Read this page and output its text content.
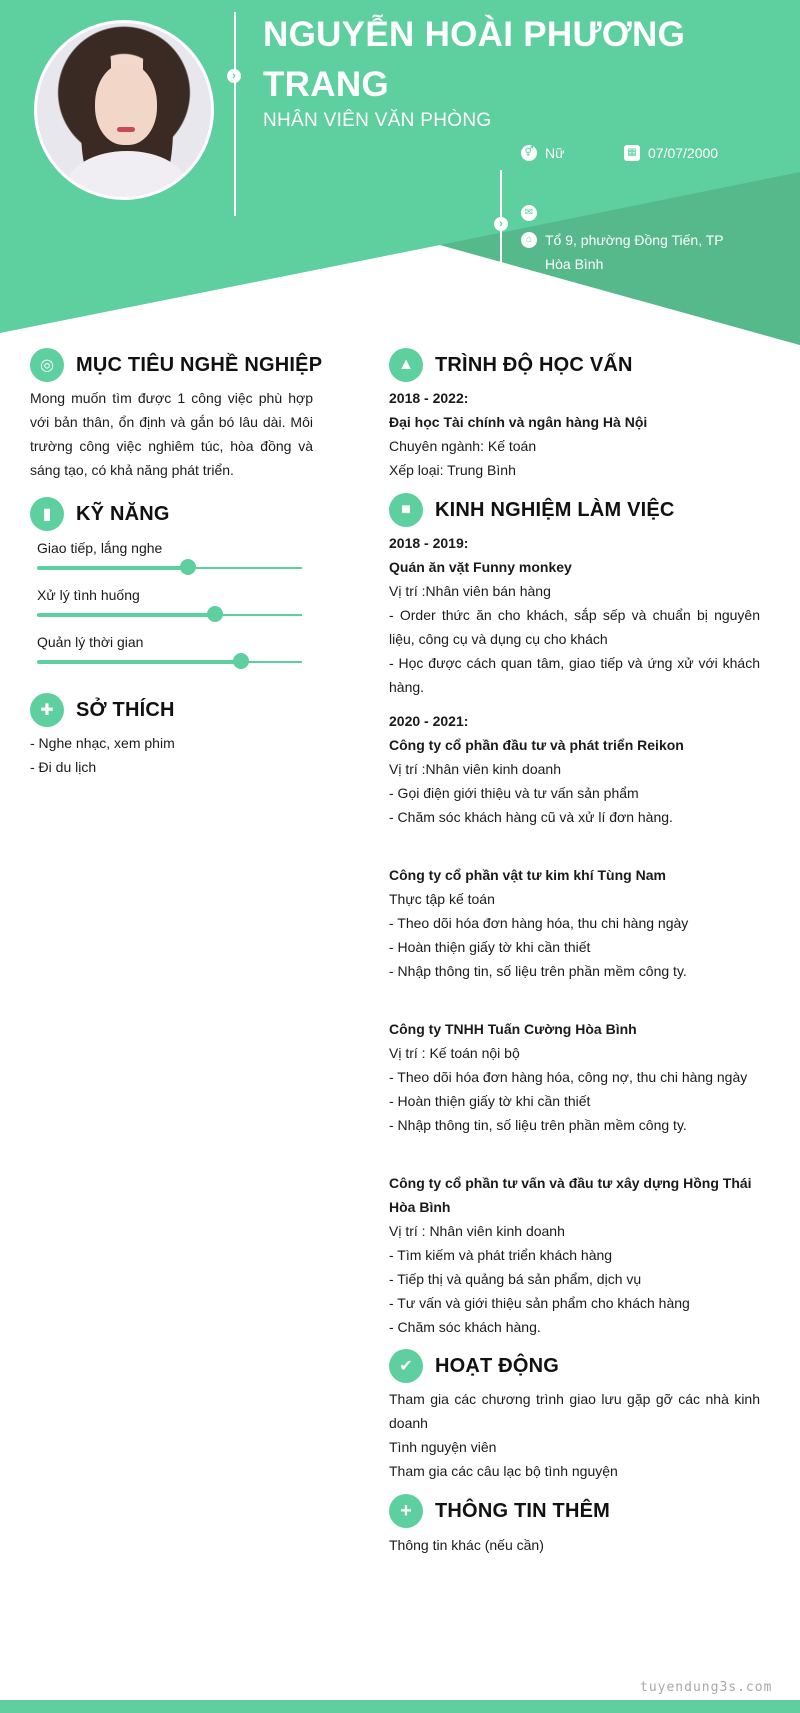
›
NGUYỄN HOÀI PHƯƠNG TRANG
NHÂN VIÊN VĂN PHÒNG
⚥ Nữ	▦ 07/07/2000
›
✉
⌂ Tổ 9, phường Đồng Tiến, TP Hòa Bình
◎	MỤC TIÊU NGHỀ NGHIỆP
Mong muốn tìm được 1 công việc phù hợp với bản thân, ổn định và gắn bó lâu dài. Môi trường công việc nghiêm túc, hòa đồng và sáng tạo, có khả năng phát triển.
▮	KỸ NĂNG
Giao tiếp, lắng nghe
Xử lý tình huống
Quản lý thời gian
✚	SỞ THÍCH
- Nghe nhạc, xem phim
- Đi du lịch
▲	TRÌNH ĐỘ HỌC VẤN
2018 - 2022:
Đại học Tài chính và ngân hàng Hà Nội
Chuyên ngành: Kế toán
Xếp loại: Trung Bình
■	KINH NGHIỆM LÀM VIỆC
2018 - 2019:
Quán ăn vặt Funny monkey
Vị trí :Nhân viên bán hàng
- Order thức ăn cho khách, sắp sếp và chuẩn bị nguyên liệu, công cụ và dụng cụ cho khách
- Học được cách quan tâm, giao tiếp và ứng xử với khách hàng.
2020 - 2021:
Công ty cổ phần đầu tư và phát triển Reikon
Vị trí :Nhân viên kinh doanh
- Gọi điện giới thiệu và tư vấn sản phẩm
- Chăm sóc khách hàng cũ và xử lí đơn hàng.
Công ty cổ phần vật tư kim khí Tùng Nam
Thực tập kế toán
- Theo dõi hóa đơn hàng hóa, thu chi hàng ngày
- Hoàn thiện giấy tờ khi cần thiết
- Nhập thông tin, số liệu trên phần mềm công ty.
Công ty TNHH Tuấn Cường Hòa Bình
Vị trí : Kế toán nội bộ
- Theo dõi hóa đơn hàng hóa, công nợ, thu chi hàng ngày
- Hoàn thiện giấy tờ khi cần thiết
- Nhập thông tin, số liệu trên phần mềm công ty.
Công ty cổ phần tư vấn và đầu tư xây dựng Hồng Thái Hòa Bình
Vị trí : Nhân viên kinh doanh
- Tìm kiếm và phát triển khách hàng
- Tiếp thị và quảng bá sản phẩm, dịch vụ
- Tư vấn và giới thiệu sản phẩm cho khách hàng
- Chăm sóc khách hàng.
✔	HOẠT ĐỘNG
Tham gia các chương trình giao lưu gặp gỡ các nhà kinh doanh
Tình nguyện viên
Tham gia các câu lạc bộ tình nguyện
+	THÔNG TIN THÊM
Thông tin khác (nếu cần)
tuyendung3s.com
